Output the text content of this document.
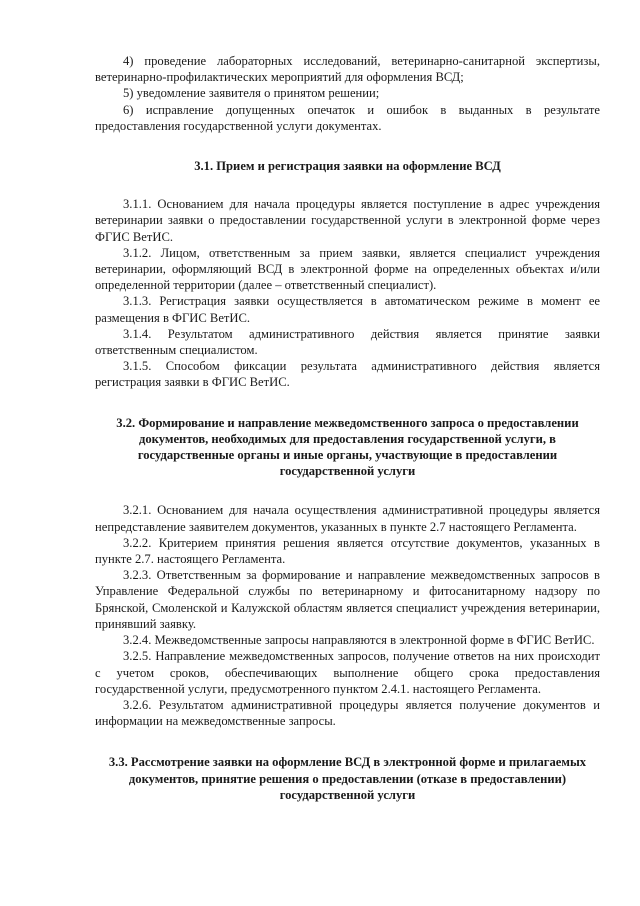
4) проведение лабораторных исследований, ветеринарно-санитарной экспертизы, ветеринарно-профилактических мероприятий для оформления ВСД;

5) уведомление заявителя о принятом решении;

6) исправление допущенных опечаток и ошибок в выданных в результате предоставления государственной услуги документах.

3.1. Прием и регистрация заявки на оформление ВСД

3.1.1. Основанием для начала процедуры является поступление в адрес учреждения ветеринарии заявки о предоставлении государственной услуги в электронной форме через ФГИС ВетИС.

3.1.2. Лицом, ответственным за прием заявки, является специалист учреждения ветеринарии, оформляющий ВСД в электронной форме на определенных объектах и/или определенной территории (далее – ответственный специалист).

3.1.3. Регистрация заявки осуществляется в автоматическом режиме в момент ее размещения в ФГИС ВетИС.

3.1.4. Результатом административного действия является принятие заявки ответственным специалистом.

3.1.5. Способом фиксации результата административного действия является регистрация заявки в ФГИС ВетИС.

3.2. Формирование и направление межведомственного запроса о предоставлении документов, необходимых для предоставления государственной услуги, в государственные органы и иные органы, участвующие в предоставлении государственной услуги

3.2.1. Основанием для начала осуществления административной процедуры является непредставление заявителем документов, указанных в пункте 2.7 настоящего Регламента.

3.2.2. Критерием принятия решения является отсутствие документов, указанных в пункте 2.7. настоящего Регламента.

3.2.3. Ответственным за формирование и направление межведомственных запросов в Управление Федеральной службы по ветеринарному и фитосанитарному надзору по Брянской, Смоленской и Калужской областям является специалист учреждения ветеринарии, принявший заявку.

3.2.4. Межведомственные запросы направляются в электронной форме в ФГИС ВетИС.

3.2.5. Направление межведомственных запросов, получение ответов на них происходит с учетом сроков, обеспечивающих выполнение общего срока предоставления государственной услуги, предусмотренного пунктом 2.4.1. настоящего Регламента.

3.2.6. Результатом административной процедуры является получение документов и информации на межведомственные запросы.

3.3. Рассмотрение заявки на оформление ВСД в электронной форме и прилагаемых документов, принятие решения о предоставлении (отказе в предоставлении) государственной услуги
